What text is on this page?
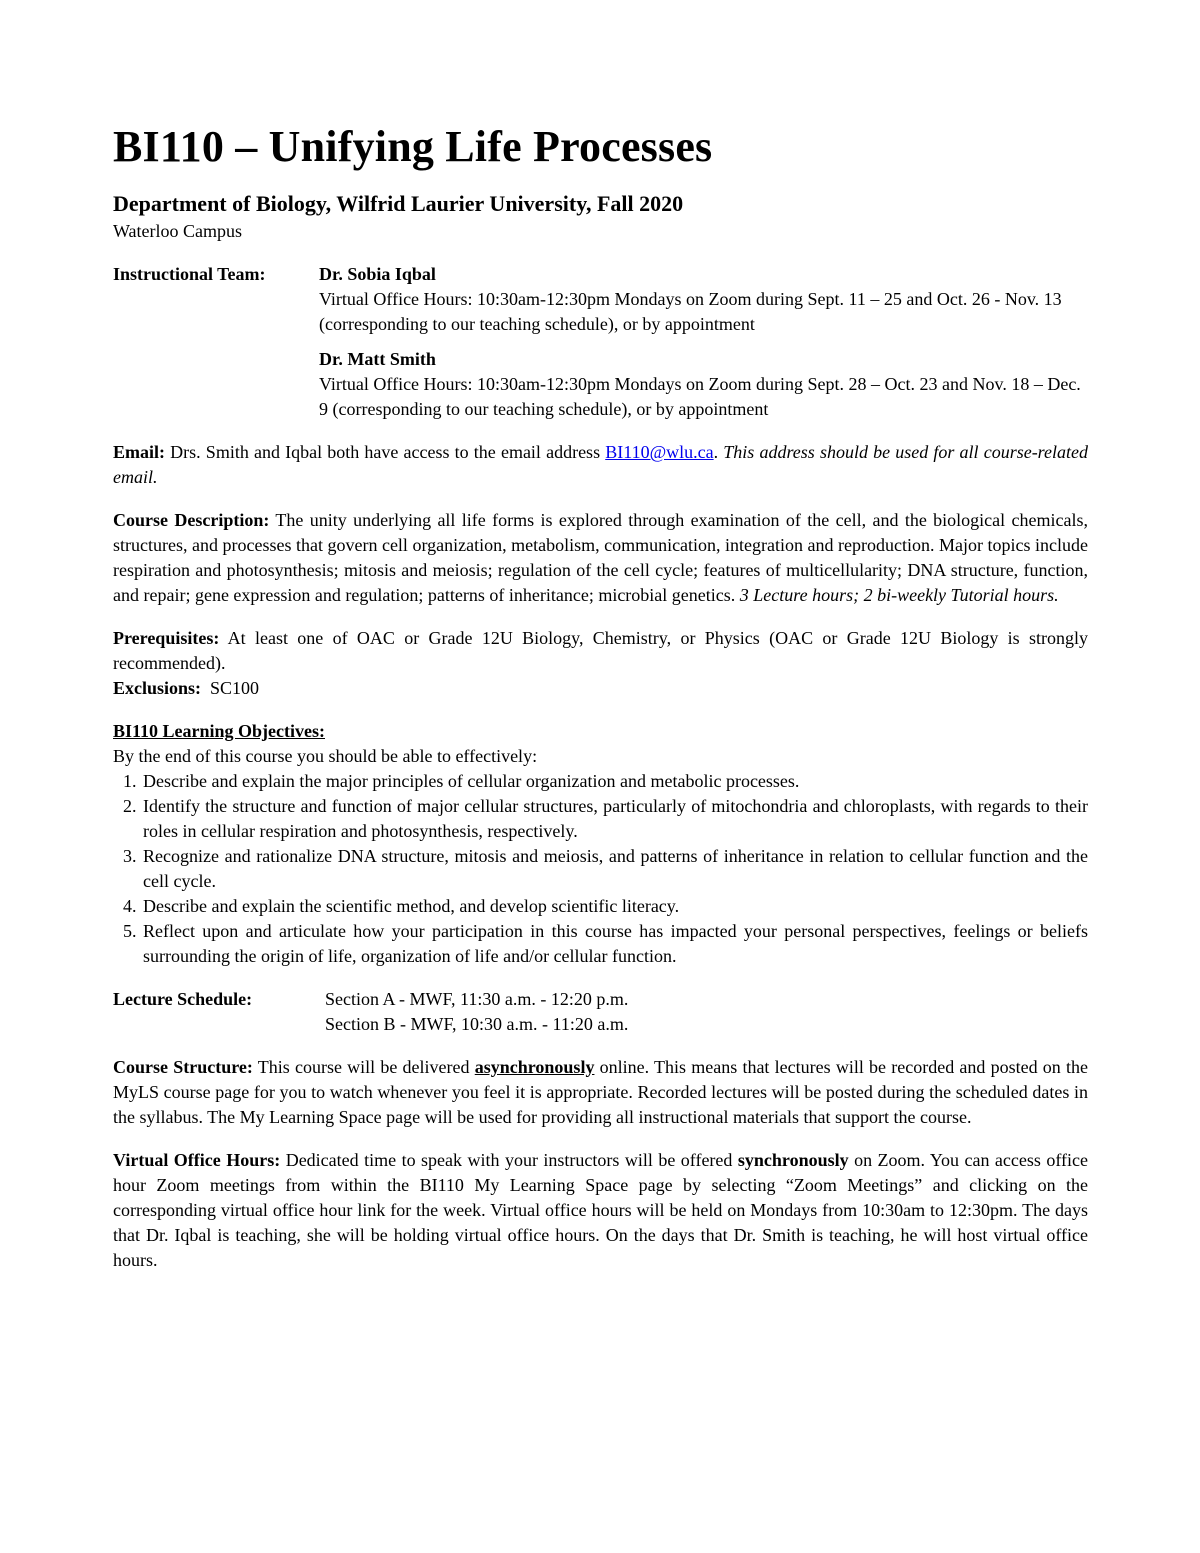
BI110 – Unifying Life Processes

Department of Biology, Wilfrid Laurier University, Fall 2020

Waterloo Campus

Instructional Team:	Dr. Sobia Iqbal
Virtual Office Hours: 10:30am-12:30pm Mondays on Zoom during Sept. 11 – 25 and Oct. 26 - Nov. 13 (corresponding to our teaching schedule), or by appointment
Dr. Matt Smith
Virtual Office Hours: 10:30am-12:30pm Mondays on Zoom during Sept. 28 – Oct. 23 and Nov. 18 – Dec. 9 (corresponding to our teaching schedule), or by appointment

Email: Drs. Smith and Iqbal both have access to the email address BI110@wlu.ca. This address should be used for all course-related email.

Course Description: The unity underlying all life forms is explored through examination of the cell, and the biological chemicals, structures, and processes that govern cell organization, metabolism, communication, integration and reproduction. Major topics include respiration and photosynthesis; mitosis and meiosis; regulation of the cell cycle; features of multicellularity; DNA structure, function, and repair; gene expression and regulation; patterns of inheritance; microbial genetics. 3 Lecture hours; 2 bi-weekly Tutorial hours.

Prerequisites: At least one of OAC or Grade 12U Biology, Chemistry, or Physics (OAC or Grade 12U Biology is strongly recommended).

Exclusions:  SC100

BI110 Learning Objectives:

By the end of this course you should be able to effectively:

1. Describe and explain the major principles of cellular organization and metabolic processes.
2. Identify the structure and function of major cellular structures, particularly of mitochondria and chloroplasts, with regards to their roles in cellular respiration and photosynthesis, respectively.
3. Recognize and rationalize DNA structure, mitosis and meiosis, and patterns of inheritance in relation to cellular function and the cell cycle.
4. Describe and explain the scientific method, and develop scientific literacy.
5. Reflect upon and articulate how your participation in this course has impacted your personal perspectives, feelings or beliefs surrounding the origin of life, organization of life and/or cellular function.
Lecture Schedule:	Section A - MWF, 11:30 a.m. - 12:20 p.m.
Section B - MWF, 10:30 a.m. - 11:20 a.m.

Course Structure: This course will be delivered asynchronously online. This means that lectures will be recorded and posted on the MyLS course page for you to watch whenever you feel it is appropriate. Recorded lectures will be posted during the scheduled dates in the syllabus. The My Learning Space page will be used for providing all instructional materials that support the course.

Virtual Office Hours: Dedicated time to speak with your instructors will be offered synchronously on Zoom. You can access office hour Zoom meetings from within the BI110 My Learning Space page by selecting “Zoom Meetings” and clicking on the corresponding virtual office hour link for the week. Virtual office hours will be held on Mondays from 10:30am to 12:30pm. The days that Dr. Iqbal is teaching, she will be holding virtual office hours. On the days that Dr. Smith is teaching, he will host virtual office hours.
